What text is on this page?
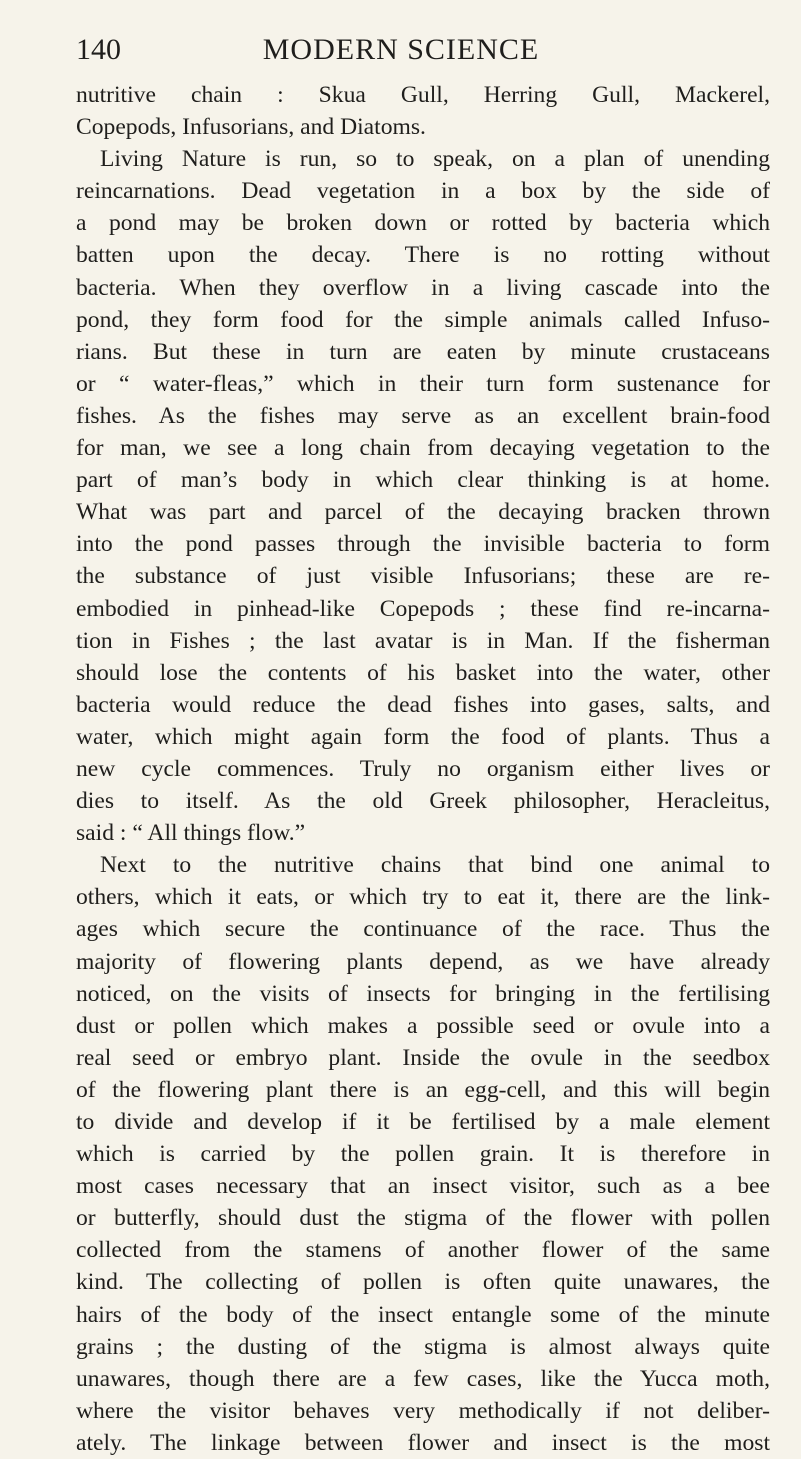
140	MODERN SCIENCE
nutritive chain : Skua Gull, Herring Gull, Mackerel,
Copepods, Infusorians, and Diatoms.
Living Nature is run, so to speak, on a plan of unending
reincarnations. Dead vegetation in a box by the side of
a pond may be broken down or rotted by bacteria which
batten upon the decay. There is no rotting without
bacteria. When they overflow in a living cascade into the
pond, they form food for the simple animals called Infuso-
rians. But these in turn are eaten by minute crustaceans
or “ water-fleas,” which in their turn form sustenance for
fishes. As the fishes may serve as an excellent brain-food
for man, we see a long chain from decaying vegetation to the
part of man’s body in which clear thinking is at home.
What was part and parcel of the decaying bracken thrown
into the pond passes through the invisible bacteria to form
the substance of just visible Infusorians; these are re-
embodied in pinhead-like Copepods ; these find re-incarna-
tion in Fishes ; the last avatar is in Man. If the fisherman
should lose the contents of his basket into the water, other
bacteria would reduce the dead fishes into gases, salts, and
water, which might again form the food of plants. Thus a
new cycle commences. Truly no organism either lives or
dies to itself. As the old Greek philosopher, Heracleitus,
said : “ All things flow.”
Next to the nutritive chains that bind one animal to
others, which it eats, or which try to eat it, there are the link-
ages which secure the continuance of the race. Thus the
majority of flowering plants depend, as we have already
noticed, on the visits of insects for bringing in the fertilising
dust or pollen which makes a possible seed or ovule into a
real seed or embryo plant. Inside the ovule in the seedbox
of the flowering plant there is an egg-cell, and this will begin
to divide and develop if it be fertilised by a male element
which is carried by the pollen grain. It is therefore in
most cases necessary that an insect visitor, such as a bee
or butterfly, should dust the stigma of the flower with pollen
collected from the stamens of another flower of the same
kind. The collecting of pollen is often quite unawares, the
hairs of the body of the insect entangle some of the minute
grains ; the dusting of the stigma is almost always quite
unawares, though there are a few cases, like the Yucca moth,
where the visitor behaves very methodically if not deliber-
ately. The linkage between flower and insect is the most
